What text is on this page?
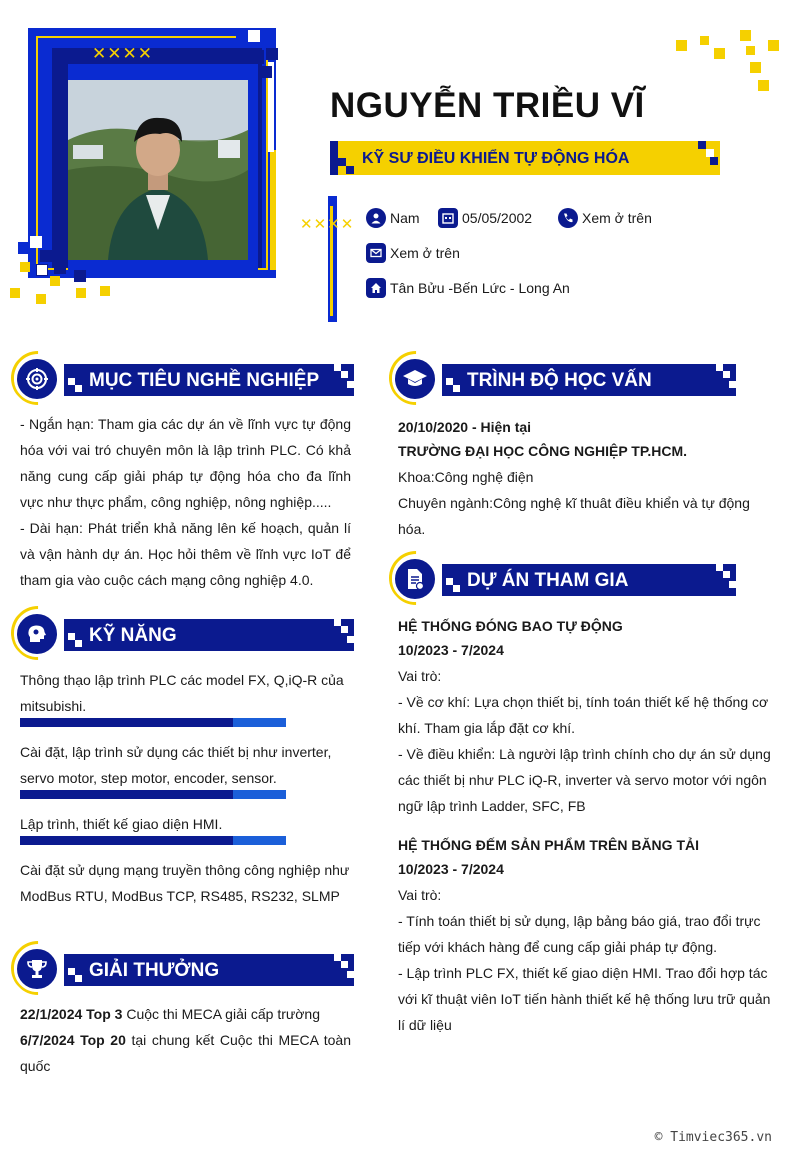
✕✕✕✕
NGUYỄN TRIỀU VĨ
KỸ SƯ ĐIỀU KHIỂN TỰ ĐỘNG HÓA
✕✕✕✕	Nam	05/05/2002	Xem ở trên
Xem ở trên
Tân Bửu -Bến Lức - Long An
MỤC TIÊU NGHỀ NGHIỆP
- Ngắn hạn: Tham gia các dự án về lĩnh vực tự động hóa với vai tró chuyên môn là lập trình PLC. Có khả năng cung cấp giải pháp tự động hóa cho đa lĩnh vực như thực phẩm, công nghiệp, nông nghiệp.....
- Dài hạn: Phát triển khả năng lên kế hoạch, quản lí và vận hành dự án. Học hỏi thêm về lĩnh vực IoT để tham gia vào cuộc cách mạng công nghiệp 4.0.
KỸ NĂNG
Thông thạo lập trình PLC các model FX, Q,iQ-R của mitsubishi.
Cài đặt, lập trình sử dụng các thiết bị như inverter, servo motor, step motor, encoder, sensor.
Lập trình, thiết kế giao diện HMI.
Cài đặt sử dụng mạng truyền thông công nghiệp như ModBus RTU, ModBus TCP, RS485, RS232, SLMP
GIẢI THƯỞNG
22/1/2024 Top 3 Cuộc thi MECA giải cấp trường
6/7/2024 Top 20 tại chung kết Cuộc thi MECA toàn quốc
TRÌNH ĐỘ HỌC VẤN
20/10/2020 - Hiện tại
TRƯỜNG ĐẠI HỌC CÔNG NGHIỆP TP.HCM.
Khoa:Công nghệ điện
Chuyên ngành:Công nghệ kĩ thuât điều khiển và tự động hóa.
DỰ ÁN THAM GIA
HỆ THỐNG ĐÓNG BAO TỰ ĐỘNG
10/2023 - 7/2024
Vai trò:
- Về cơ khí: Lựa chọn thiết bị, tính toán thiết kế hệ thống cơ khí. Tham gia lắp đặt cơ khí.
- Về điều khiển: Là người lập trình chính cho dự án sử dụng các thiết bị như PLC iQ-R, inverter và servo motor với ngôn ngữ lập trình Ladder, SFC, FB
HỆ THỐNG ĐẾM SẢN PHẨM TRÊN BĂNG TẢI
10/2023 - 7/2024
Vai trò:
- Tính toán thiết bị sử dụng, lập bảng báo giá, trao đổi trực tiếp với khách hàng để cung cấp giải pháp tự động.
- Lập trình PLC FX, thiết kế giao diện HMI. Trao đổi hợp tác với kĩ thuật viên IoT tiến hành thiết kế hệ thống lưu trữ quản lí dữ liệu
© Timviec365.vn
